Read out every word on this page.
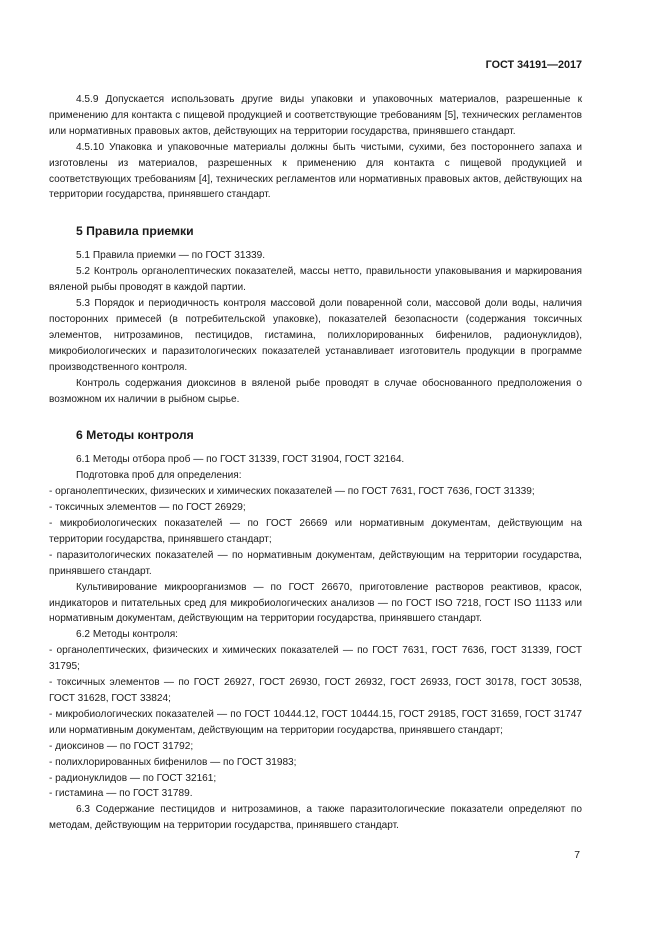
ГОСТ 34191—2017

4.5.9 Допускается использовать другие виды упаковки и упаковочных материалов, разрешенные к применению для контакта с пищевой продукцией и соответствующие требованиям [5], технических регламентов или нормативных правовых актов, действующих на территории государства, принявшего стандарт.

4.5.10 Упаковка и упаковочные материалы должны быть чистыми, сухими, без постороннего запаха и изготовлены из материалов, разрешенных к применению для контакта с пищевой продукцией и соответствующих требованиям [4], технических регламентов или нормативных правовых актов, действующих на территории государства, принявшего стандарт.

5 Правила приемки

5.1 Правила приемки — по ГОСТ 31339.

5.2 Контроль органолептических показателей, массы нетто, правильности упаковывания и маркирования вяленой рыбы проводят в каждой партии.

5.3 Порядок и периодичность контроля массовой доли поваренной соли, массовой доли воды, наличия посторонних примесей (в потребительской упаковке), показателей безопасности (содержания токсичных элементов, нитрозаминов, пестицидов, гистамина, полихлорированных бифенилов, радионуклидов), микробиологических и паразитологических показателей устанавливает изготовитель продукции в программе производственного контроля.

Контроль содержания диоксинов в вяленой рыбе проводят в случае обоснованного предположения о возможном их наличии в рыбном сырье.

6 Методы контроля

6.1 Методы отбора проб — по ГОСТ 31339, ГОСТ 31904, ГОСТ 32164.

Подготовка проб для определения:

- органолептических, физических и химических показателей — по ГОСТ 7631, ГОСТ 7636, ГОСТ 31339;

- токсичных элементов — по ГОСТ 26929;

- микробиологических показателей — по ГОСТ 26669 или нормативным документам, действующим на территории государства, принявшего стандарт;

- паразитологических показателей — по нормативным документам, действующим на территории государства, принявшего стандарт.

Культивирование микроорганизмов — по ГОСТ 26670, приготовление растворов реактивов, красок, индикаторов и питательных сред для микробиологических анализов — по ГОСТ ISO 7218, ГОСТ ISO 11133 или нормативным документам, действующим на территории государства, принявшего стандарт.

6.2 Методы контроля:

- органолептических, физических и химических показателей — по ГОСТ 7631, ГОСТ 7636, ГОСТ 31339, ГОСТ 31795;

- токсичных элементов — по ГОСТ 26927, ГОСТ 26930, ГОСТ 26932, ГОСТ 26933, ГОСТ 30178, ГОСТ 30538, ГОСТ 31628, ГОСТ 33824;

- микробиологических показателей — по ГОСТ 10444.12, ГОСТ 10444.15, ГОСТ 29185, ГОСТ 31659, ГОСТ 31747 или нормативным документам, действующим на территории государства, принявшего стандарт;

- диоксинов — по ГОСТ 31792;

- полихлорированных бифенилов — по ГОСТ 31983;

- радионуклидов — по ГОСТ 32161;

- гистамина — по ГОСТ 31789.

6.3 Содержание пестицидов и нитрозаминов, а также паразитологические показатели определяют по методам, действующим на территории государства, принявшего стандарт.

7
